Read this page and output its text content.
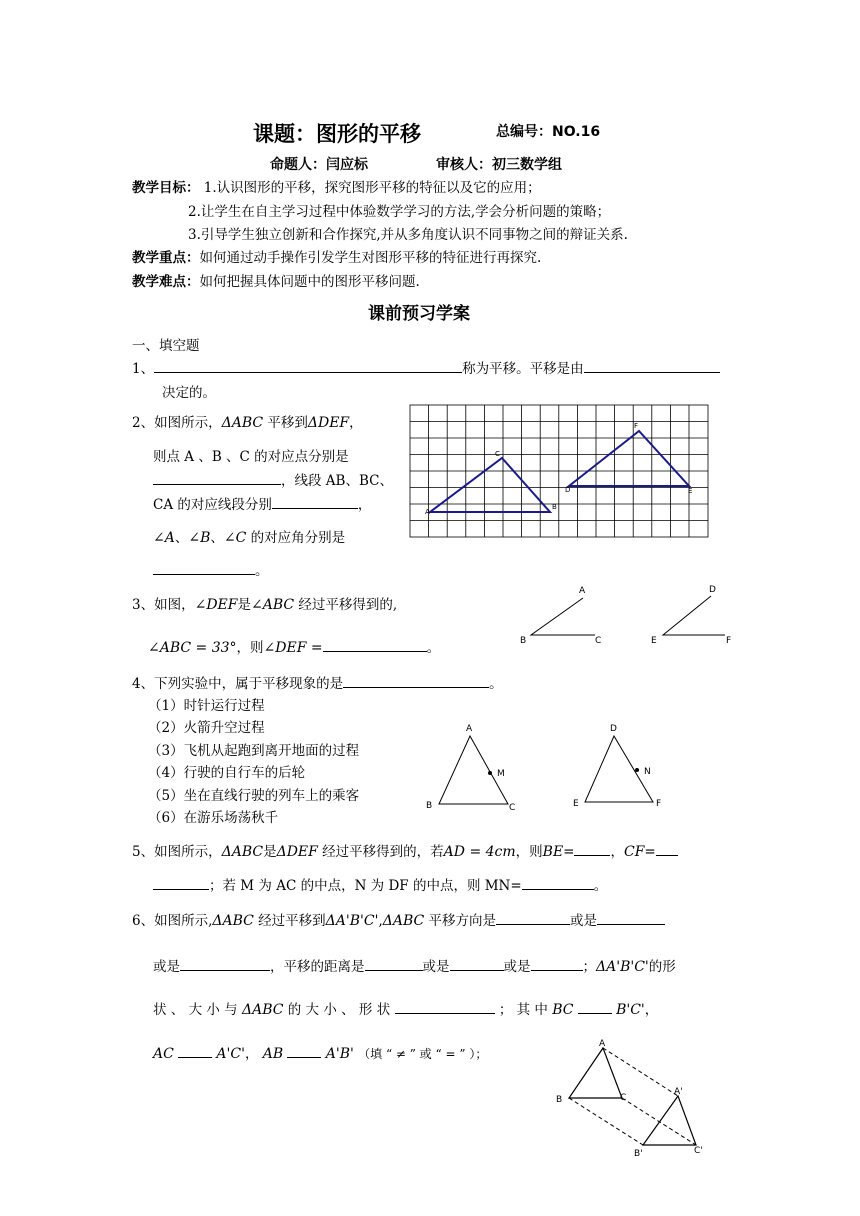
课题：图形的平移	总编号：NO.16
命题人：闫应标	审核人：初三数学组
教学目标： 1.认识图形的平移，探究图形平移的特征以及它的应用；
2.让学生在自主学习过程中体验数学学习的方法,学会分析问题的策略；
3.引导学生独立创新和合作探究,并从多角度认识不同事物之间的辩证关系.
教学重点：如何通过动手操作引发学生对图形平移的特征进行再探究.
教学难点：如何把握具体问题中的图形平移问题.
课前预习学案
一、填空题
1、	称为平移。平移是由
决定的。
2、如图所示，ΔABC 平移到ΔDEF，
则点 A 、B 、C 的对应点分别是
，线段 AB、BC、
CA 的对应线段分别	，
∠A、∠B、∠C 的对应角分别是
。
A
B
C
D	E
F
3、如图，∠DEF是∠ABC 经过平移得到的,
∠ABC = 33°，则∠DEF =	。
A
B	C
D
E	F
4、下列实验中，属于平移现象的是	。
（1）时针运行过程
（2）火箭升空过程
（3）飞机从起跑到离开地面的过程
（4）行驶的自行车的后轮
（5）坐在直线行驶的列车上的乘客
（6）在游乐场荡秋千
A
B	C
M
D
E	F
N
5、如图所示，ΔABC是ΔDEF 经过平移得到的，若AD = 4cm，则BE=	，CF=
；若 M 为 AC 的中点，N 为 DF 的中点，则 MN=	。
6、如图所示,ΔABC 经过平移到ΔA'B'C',ΔABC 平移方向是	或是
或是	，平移的距离是	或是	或是	；ΔA'B'C'的形
状 、 大 小 与 ΔABC 的 大 小 、 形 状	； 其 中 BC	B'C'，
AC	A'C'， AB	A'B' （填 “ ≠ ” 或 “ = ” ）；
A
B	C
A'
B'	C'
